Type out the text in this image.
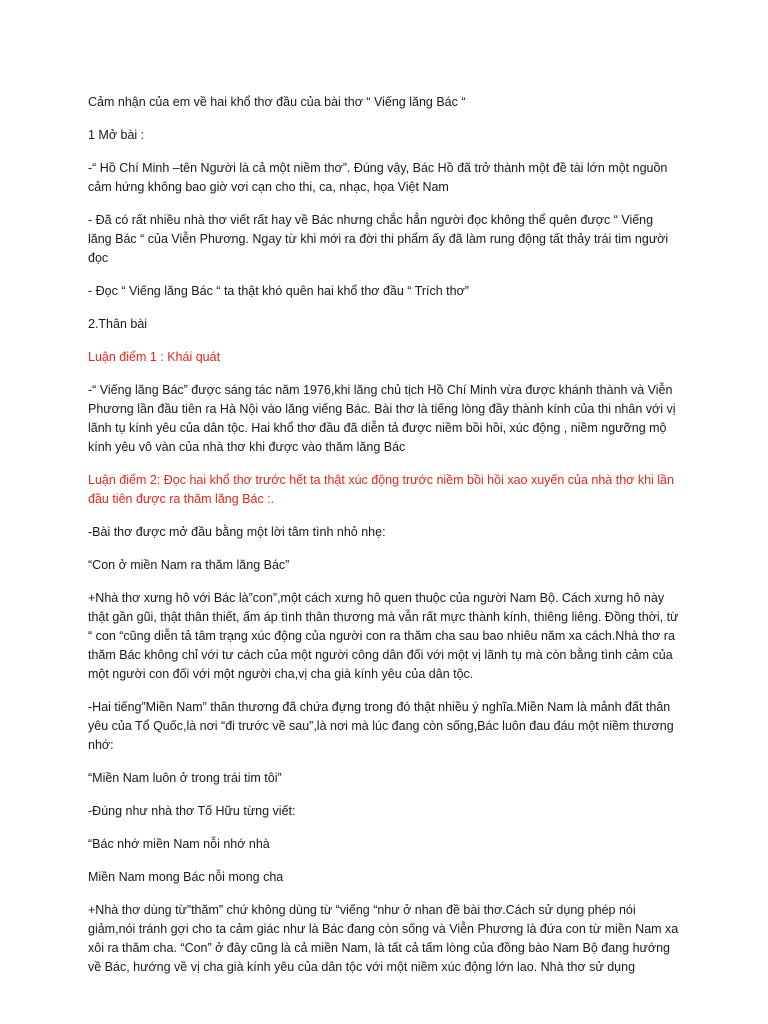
Cảm nhận của em về hai khổ thơ đầu của bài thơ “ Viếng lăng Bác “

1 Mở bài :

-“ Hồ Chí Minh –tên Người là cả một niềm thơ”. Đúng vậy, Bác Hồ đã trở thành một đề tài lớn một nguồn cảm hứng không bao giờ vơi cạn cho thi, ca, nhạc, họa Việt Nam

- Đã có rất nhiều nhà thơ viết rất hay về Bác nhưng chắc hẳn người đọc không thể quên được “ Viếng lăng Bác “ của Viễn Phương. Ngay từ khi mới ra đời thi phẩm ấy đã làm rung động tất thảy trái tim người đọc

- Đọc “ Viếng lăng Bác “ ta thật khó quên hai khổ thơ đầu “ Trích thơ”

2.Thân bài

Luận điểm 1 : Khái quát

-“ Viếng lăng Bác” được sáng tác năm 1976,khi lăng chủ tịch Hồ Chí Minh vừa được khánh thành và Viễn Phương lần đầu tiên ra Hà Nội vào lăng viếng Bác. Bài thơ là tiếng lòng đầy thành kính của thi nhân với vị lãnh tụ kính yêu của dân tộc. Hai khổ thơ đầu đã diễn tả được niềm bồi hồi, xúc động , niềm ngưỡng mộ kính yêu vô vàn của nhà thơ khi được vào thăm lăng Bác

Luận điểm 2: Đọc hai khổ thơ trước hết ta thật xúc động trước niềm bồi hồi xao xuyến của nhà thơ khi lần đầu tiên được ra thăm lăng Bác :.

-Bài thơ được mở đầu bằng một lời tâm tình nhỏ nhẹ:

“Con ở miền Nam ra thăm lăng Bác”

+Nhà thơ xưng hô với Bác là”con”,một cách xưng hô quen thuộc của người Nam Bộ. Cách xưng hô này thật gần gũi, thật thân thiết, ấm áp tình thân thương mà vẫn rất mực thành kính, thiêng liêng. Đồng thời, từ “ con “cũng diễn tả tâm trạng xúc động của người con ra thăm cha sau bao nhiêu năm xa cách.Nhà thơ ra thăm Bác không chỉ với tư cách của một người công dân đối với một vị lãnh tụ mà còn bằng tình cảm của một người con đối với một người cha,vị cha già kính yêu của dân tộc.

-Hai tiếng”Miền Nam” thân thương đã chứa đựng trong đó thật nhiều ý nghĩa.Miền Nam là mảnh đất thân yêu của Tổ Quốc,là nơi “đi trước về sau”,là nơi mà lúc đang còn sống,Bác luôn đau đáu một niềm thương nhớ:

“Miền Nam luôn ở trong trái tim tôi”

-Đúng như nhà thơ Tố Hữu từng viết:

“Bác nhớ miền Nam nỗi nhớ nhà

Miền Nam mong Bác nỗi mong cha

+Nhà thơ dùng từ”thăm” chứ không dùng từ “viếng “như ở nhan đề bài thơ.Cách sử dụng phép nói giảm,nói tránh gợi cho ta cảm giác như là Bác đang còn sống và Viễn Phương là đứa con từ miền Nam xa xôi ra thăm cha. “Con” ở đây cũng là cả miền Nam, là tất cả tấm lòng của đồng bào Nam Bộ đang hướng về Bác, hướng về vị cha già kính yêu của dân tộc với một niềm xúc động lớn lao. Nhà thơ sử dụng
